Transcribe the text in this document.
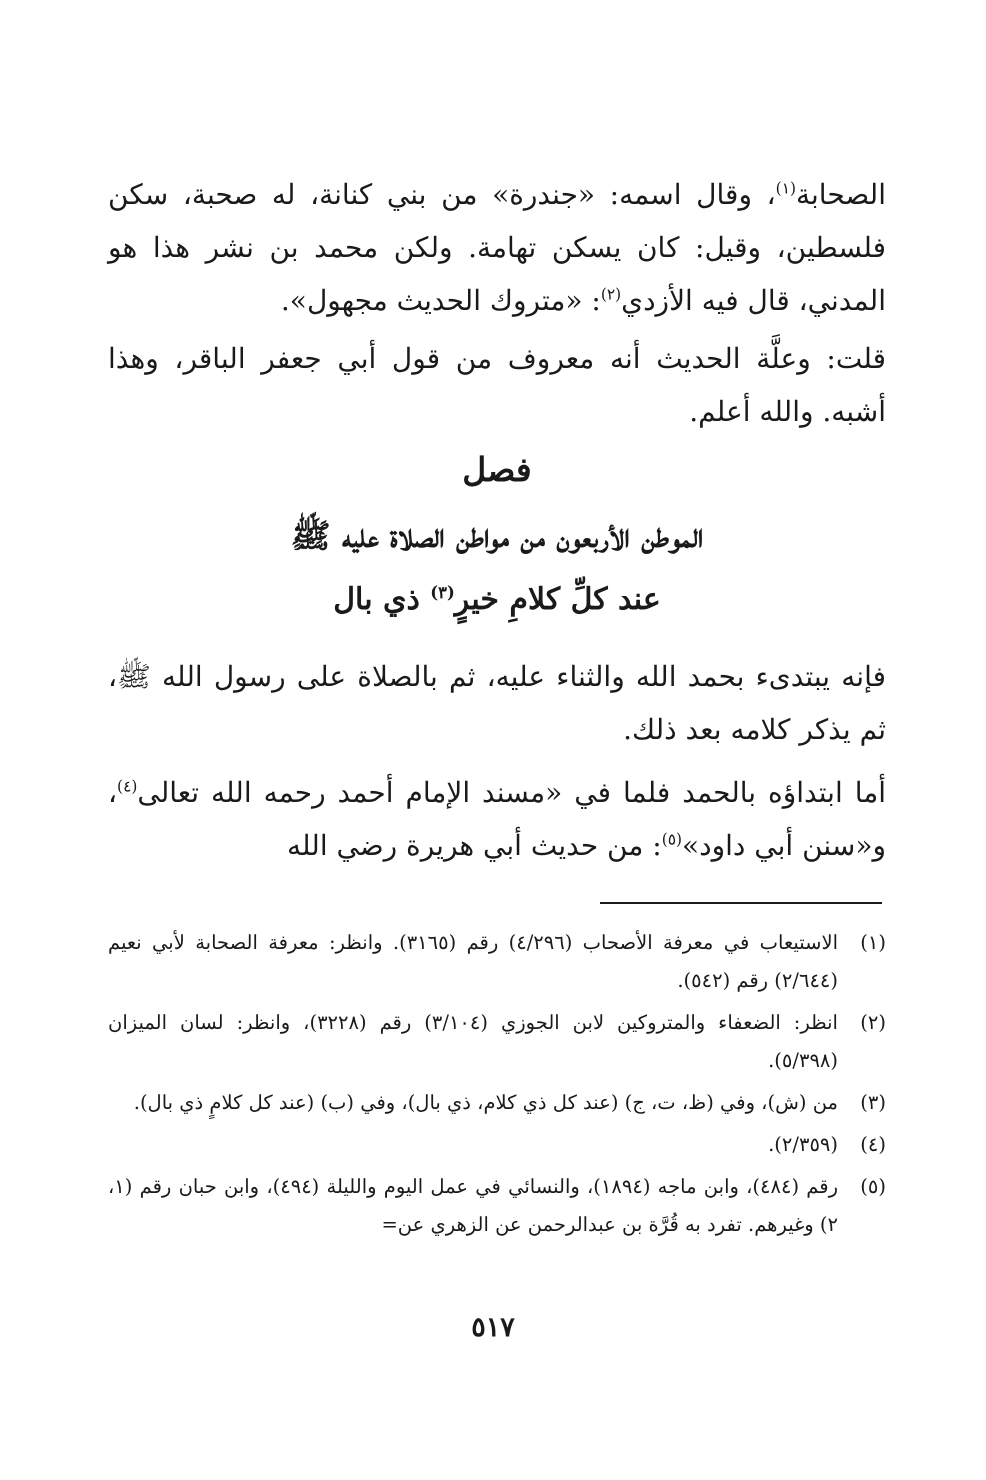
الصحابة$^{(١)}$، وقال اسمه: «جندرة» من بني كنانة، له صحبة، سكن فلسطين، وقيل: كان يسكن تهامة. ولكن محمد بن نشر هذا هو المدني، قال فيه الأزدي$^{(٢)}$: «متروك الحديث مجهول».

قلت: وعلَّة الحديث أنه معروف من قول أبي جعفر الباقر، وهذا أشبه. والله أعلم.

فصل
الموطن الأربعون من مواطن الصلاة عليه ﷺ
عند كلِّ كلامِ خيرٍ$^{(٣)}$ ذي بال

فإنه يبتدىء بحمد الله والثناء عليه، ثم بالصلاة على رسول الله ﷺ، ثم يذكر كلامه بعد ذلك.

أما ابتداؤه بالحمد فلما في «مسند الإمام أحمد رحمه الله تعالى$^{(٤)}$، و«سنن أبي داود»$^{(٥)}$: من حديث أبي هريرة رضي الله

(١)
الاستيعاب في معرفة الأصحاب (٤/٢٩٦) رقم (٣١٦٥). وانظر: معرفة الصحابة لأبي نعيم (٢/٦٤٤) رقم (٥٤٢).
(٢)
انظر: الضعفاء والمتروكين لابن الجوزي (٣/١٠٤) رقم (٣٢٢٨)، وانظر: لسان الميزان (٥/٣٩٨).
(٣)
من (ش)، وفي (ظ، ت، ج) (عند كل ذي كلام، ذي بال)، وفي (ب) (عند كل كلامٍ ذي بال).
(٤)
(٢/٣٥٩).
(٥)
رقم (٤٨٤)، وابن ماجه (١٨٩٤)، والنسائي في عمل اليوم والليلة (٤٩٤)، وابن حبان رقم (١، ٢) وغيرهم. تفرد به قُرَّة بن عبدالرحمن عن الزهري عن=
٥١٧
